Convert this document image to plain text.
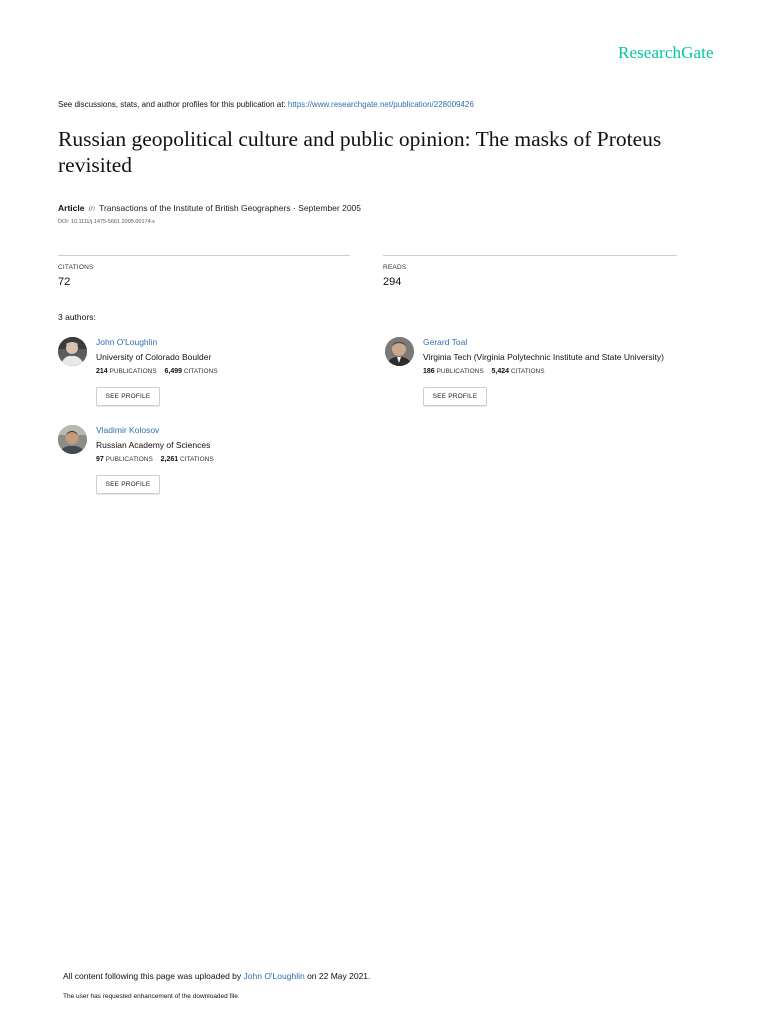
ResearchGate
See discussions, stats, and author profiles for this publication at: https://www.researchgate.net/publication/228009426
Russian geopolitical culture and public opinion: The masks of Proteus revisited
Article in Transactions of the Institute of British Geographers · September 2005
DOI: 10.1111/j.1475-5661.2005.00174.x
CITATIONS
72
READS
294
3 authors:
John O'Loughlin
University of Colorado Boulder
214 PUBLICATIONS 6,499 CITATIONS
SEE PROFILE
Gerard Toal
Virginia Tech (Virginia Polytechnic Institute and State University)
186 PUBLICATIONS 5,424 CITATIONS
SEE PROFILE
Vladimir Kolosov
Russian Academy of Sciences
97 PUBLICATIONS 2,261 CITATIONS
SEE PROFILE
All content following this page was uploaded by John O'Loughlin on 22 May 2021.
The user has requested enhancement of the downloaded file.
